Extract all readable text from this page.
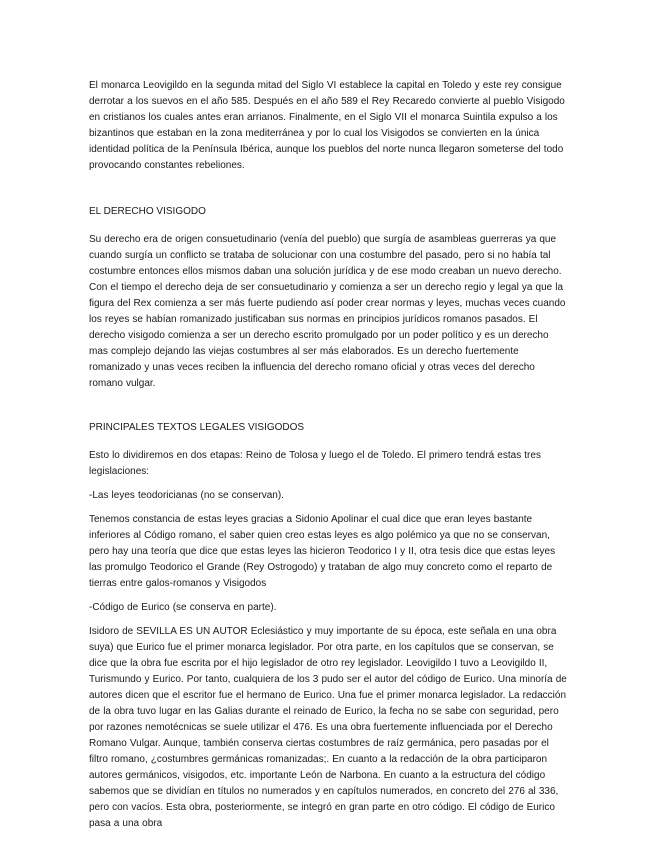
El monarca Leovigildo en la segunda mitad del Siglo VI establece la capital en Toledo y este rey consigue derrotar a los suevos en el año 585. Después en el año 589 el Rey Recaredo convierte al pueblo Visigodo en cristianos los cuales antes eran arrianos. Finalmente, en el Siglo VII el monarca Suintila expulso a los bizantinos que estaban en la zona mediterránea y por lo cual los Visigodos se convierten en la única identidad política de la Península Ibérica, aunque los pueblos del norte nunca llegaron someterse del todo provocando constantes rebeliones.

EL DERECHO VISIGODO

Su derecho era de origen consuetudinario (venía del pueblo) que surgía de asambleas guerreras ya que cuando surgía un conflicto se trataba de solucionar con una costumbre del pasado, pero si no había tal costumbre entonces ellos mismos daban una solución jurídica y de ese modo creaban un nuevo derecho. Con el tiempo el derecho deja de ser consuetudinario y comienza a ser un derecho regio y legal ya que la figura del Rex comienza a ser más fuerte pudiendo así poder crear normas y leyes, muchas veces cuando los reyes se habían romanizado justificaban sus normas en principios jurídicos romanos pasados. El derecho visigodo comienza a ser un derecho escrito promulgado por un poder político y es un derecho mas complejo dejando las viejas costumbres al ser más elaborados. Es un derecho fuertemente romanizado y unas veces reciben la influencia del derecho romano oficial y otras veces del derecho romano vulgar.

PRINCIPALES TEXTOS LEGALES VISIGODOS

Esto lo dividiremos en dos etapas: Reino de Tolosa y luego el de Toledo. El primero tendrá estas tres legislaciones:

-Las leyes teodoricianas (no se conservan).

Tenemos constancia de estas leyes gracias a Sidonio Apolinar el cual dice que eran leyes bastante inferiores al Código romano, el saber quien creo estas leyes es algo polémico ya que no se conservan, pero hay una teoría que dice que estas leyes las hicieron Teodorico I y II, otra tesis dice que estas leyes las promulgo Teodorico el Grande (Rey Ostrogodo) y trataban de algo muy concreto como el reparto de tierras entre galos-romanos y Visigodos

-Código de Eurico (se conserva en parte).

Isidoro de SEVILLA ES UN AUTOR Eclesiástico y muy importante de su época, este señala en una obra suya) que Eurico fue el primer monarca legislador. Por otra parte, en los capítulos que se conservan, se dice que la obra fue escrita por el hijo legislador de otro rey legislador. Leovigildo I tuvo a Leovigildo II, Turismundo y Eurico. Por tanto, cualquiera de los 3 pudo ser el autor del código de Eurico. Una minoría de autores dicen que el escritor fue el hermano de Eurico. Una fue el primer monarca legislador. La redacción de la obra tuvo lugar en las Galias durante el reinado de Eurico, la fecha no se sabe con seguridad, pero por razones nemotécnicas se suele utilizar el 476. Es una obra fuertemente influenciada por el Derecho Romano Vulgar. Aunque, también conserva ciertas costumbres de raíz germánica, pero pasadas por el filtro romano, ¿costumbres germánicas romanizadas;. En cuanto a la redacción de la obra participaron autores germánicos, visigodos, etc. importante León de Narbona. En cuanto a la estructura del código sabemos que se dividían en títulos no numerados y en capítulos numerados, en concreto del 276 al 336, pero con vacíos. Esta obra, posteriormente, se integró en gran parte en otro código. El código de Eurico pasa a una obra
